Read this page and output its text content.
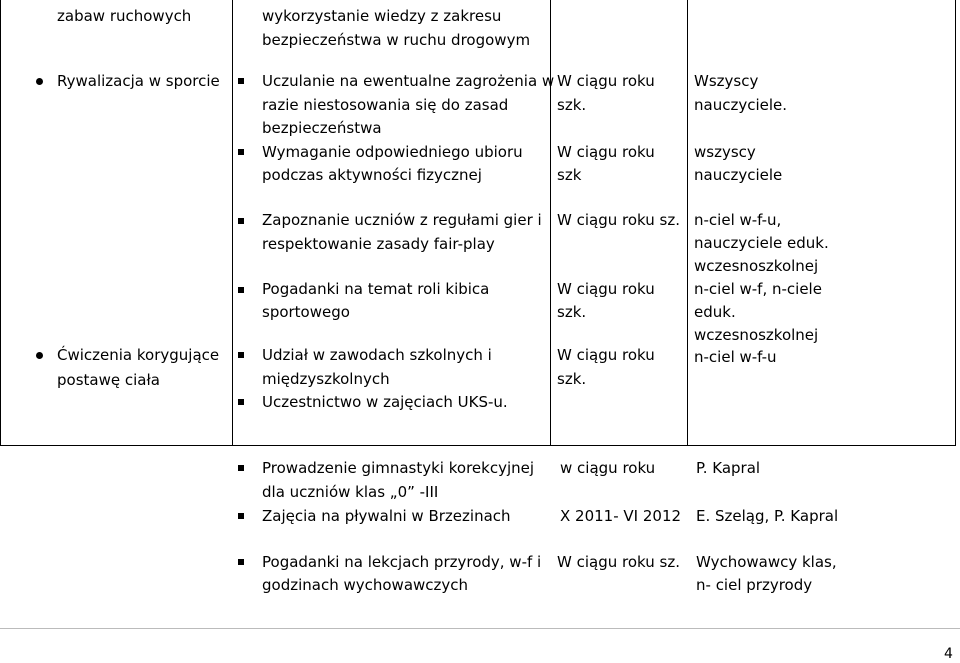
zabaw ruchowych	wykorzystanie wiedzy z zakresu
bezpieczeństwa w ruchu drogowym
Rywalizacja w sporcie	Uczulanie na ewentualne zagrożenia w
razie niestosowania się do zasad
bezpieczeństwa
Wymaganie odpowiedniego ubioru
podczas aktywności fizycznej
W ciągu roku
szk.
W ciągu roku
szk
Wszyscy
nauczyciele.
wszyscy
nauczyciele
Ćwiczenia korygujące
postawę ciała
Zapoznanie uczniów z regułami gier i
respektowanie zasady fair-play
Pogadanki na temat roli kibica
sportowego
Udział w zawodach szkolnych i
międzyszkolnych
Uczestnictwo w zajęciach UKS-u.
W ciągu roku sz.
W ciągu roku
szk.
W ciągu roku
szk.
n-ciel w-f-u,
nauczyciele eduk.
wczesnoszkolnej
n-ciel w-f, n-ciele
eduk.
wczesnoszkolnej
n-ciel w-f-u
Prowadzenie gimnastyki korekcyjnej
dla uczniów klas „0” -III
Zajęcia na pływalni w Brzezinach
Pogadanki na lekcjach przyrody, w-f i
godzinach wychowawczych
w ciągu roku
X 2011- VI 2012
W ciągu roku sz.
P. Kapral
E. Szeląg, P. Kapral
Wychowawcy klas,
n- ciel przyrody
4
